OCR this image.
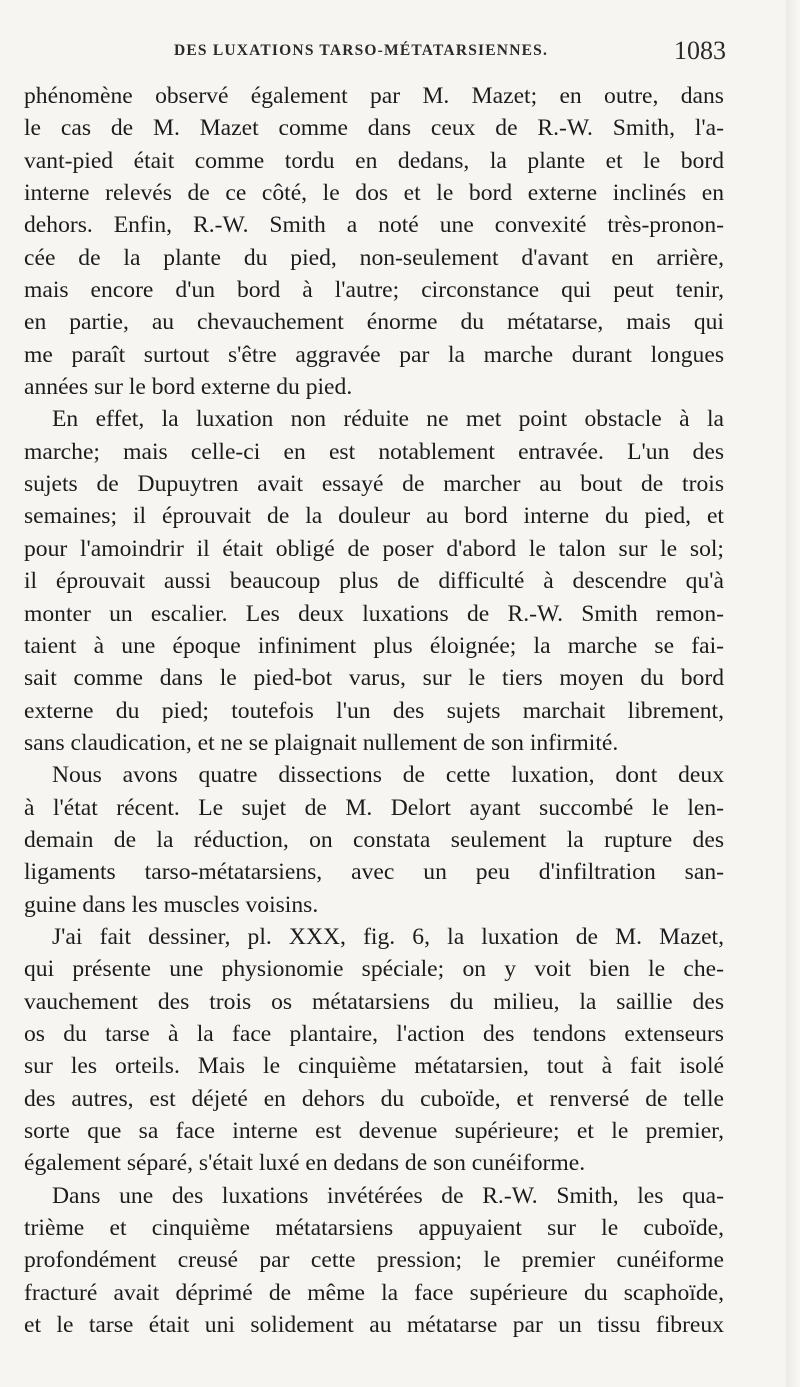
DES LUXATIONS TARSO-MÉTATARSIENNES.	1083
phénomène observé également par M. Mazet; en outre, dans
le cas de M. Mazet comme dans ceux de R.-W. Smith, l'a-
vant-pied était comme tordu en dedans, la plante et le bord
interne relevés de ce côté, le dos et le bord externe inclinés en
dehors. Enfin, R.-W. Smith a noté une convexité très-pronon-
cée de la plante du pied, non-seulement d'avant en arrière,
mais encore d'un bord à l'autre; circonstance qui peut tenir,
en partie, au chevauchement énorme du métatarse, mais qui
me paraît surtout s'être aggravée par la marche durant longues
années sur le bord externe du pied.
En effet, la luxation non réduite ne met point obstacle à la
marche; mais celle-ci en est notablement entravée. L'un des
sujets de Dupuytren avait essayé de marcher au bout de trois
semaines; il éprouvait de la douleur au bord interne du pied, et
pour l'amoindrir il était obligé de poser d'abord le talon sur le sol;
il éprouvait aussi beaucoup plus de difficulté à descendre qu'à
monter un escalier. Les deux luxations de R.-W. Smith remon-
taient à une époque infiniment plus éloignée; la marche se fai-
sait comme dans le pied-bot varus, sur le tiers moyen du bord
externe du pied; toutefois l'un des sujets marchait librement,
sans claudication, et ne se plaignait nullement de son infirmité.
Nous avons quatre dissections de cette luxation, dont deux
à l'état récent. Le sujet de M. Delort ayant succombé le len-
demain de la réduction, on constata seulement la rupture des
ligaments tarso-métatarsiens, avec un peu d'infiltration san-
guine dans les muscles voisins.
J'ai fait dessiner, pl. XXX, fig. 6, la luxation de M. Mazet,
qui présente une physionomie spéciale; on y voit bien le che-
vauchement des trois os métatarsiens du milieu, la saillie des
os du tarse à la face plantaire, l'action des tendons extenseurs
sur les orteils. Mais le cinquième métatarsien, tout à fait isolé
des autres, est déjeté en dehors du cuboïde, et renversé de telle
sorte que sa face interne est devenue supérieure; et le premier,
également séparé, s'était luxé en dedans de son cunéiforme.
Dans une des luxations invétérées de R.-W. Smith, les qua-
trième et cinquième métatarsiens appuyaient sur le cuboïde,
profondément creusé par cette pression; le premier cunéiforme
fracturé avait déprimé de même la face supérieure du scaphoïde,
et le tarse était uni solidement au métatarse par un tissu fibreux
